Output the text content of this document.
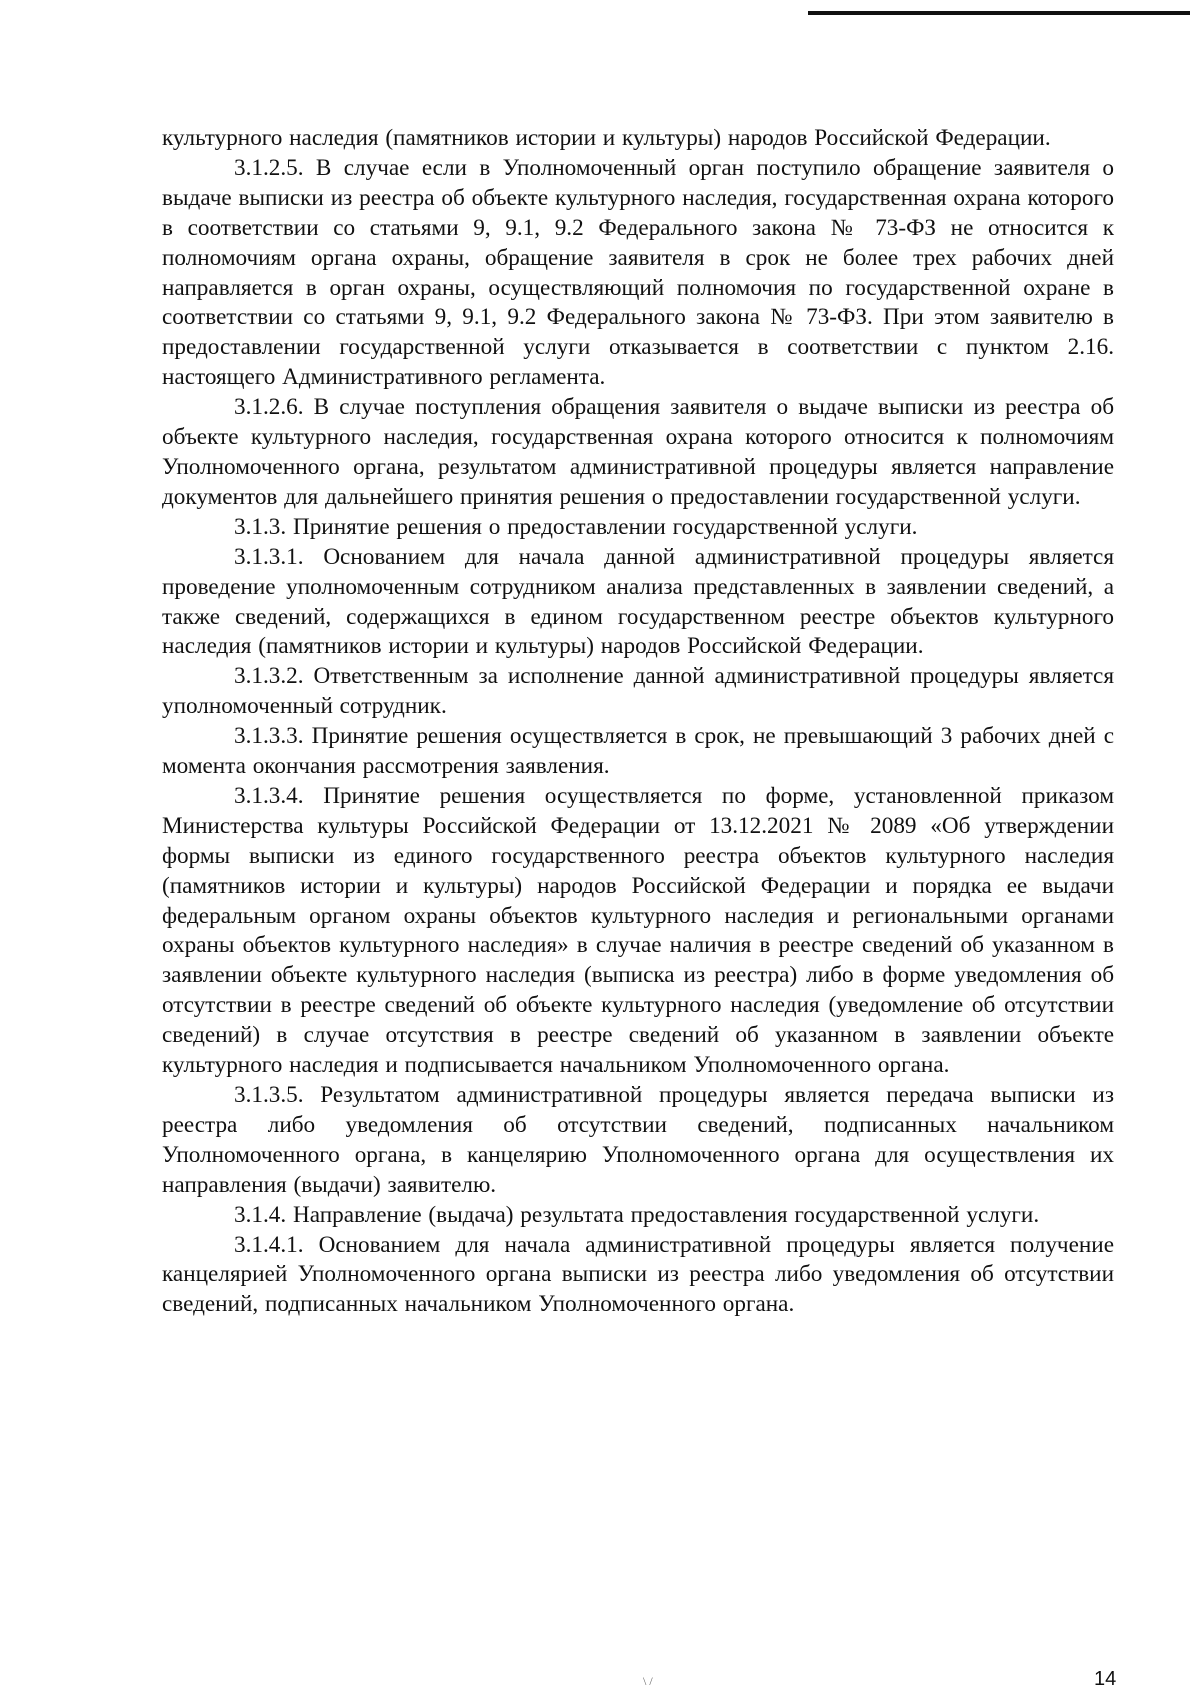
культурного наследия (памятников истории и культуры) народов Российской Федерации.

3.1.2.5. В случае если в Уполномоченный орган поступило обращение заявителя о выдаче выписки из реестра об объекте культурного наследия, государственная охрана которого в соответствии со статьями 9, 9.1, 9.2 Федерального закона № 73-ФЗ не относится к полномочиям органа охраны, обращение заявителя в срок не более трех рабочих дней направляется в орган охраны, осуществляющий полномочия по государственной охране в соответствии со статьями 9, 9.1, 9.2 Федерального закона № 73-ФЗ. При этом заявителю в предоставлении государственной услуги отказывается в соответствии с пунктом 2.16. настоящего Административного регламента.

3.1.2.6. В случае поступления обращения заявителя о выдаче выписки из реестра об объекте культурного наследия, государственная охрана которого относится к полномочиям Уполномоченного органа, результатом административной процедуры является направление документов для дальнейшего принятия решения о предоставлении государственной услуги.

3.1.3. Принятие решения о предоставлении государственной услуги.

3.1.3.1. Основанием для начала данной административной процедуры является проведение уполномоченным сотрудником анализа представленных в заявлении сведений, а также сведений, содержащихся в едином государственном реестре объектов культурного наследия (памятников истории и культуры) народов Российской Федерации.

3.1.3.2. Ответственным за исполнение данной административной процедуры является уполномоченный сотрудник.

3.1.3.3. Принятие решения осуществляется в срок, не превышающий 3 рабочих дней с момента окончания рассмотрения заявления.

3.1.3.4. Принятие решения осуществляется по форме, установленной приказом Министерства культуры Российской Федерации от 13.12.2021 № 2089 «Об утверждении формы выписки из единого государственного реестра объектов культурного наследия (памятников истории и культуры) народов Российской Федерации и порядка ее выдачи федеральным органом охраны объектов культурного наследия и региональными органами охраны объектов культурного наследия» в случае наличия в реестре сведений об указанном в заявлении объекте культурного наследия (выписка из реестра) либо в форме уведомления об отсутствии в реестре сведений об объекте культурного наследия (уведомление об отсутствии сведений) в случае отсутствия в реестре сведений об указанном в заявлении объекте культурного наследия и подписывается начальником Уполномоченного органа.

3.1.3.5. Результатом административной процедуры является передача выписки из реестра либо уведомления об отсутствии сведений, подписанных начальником Уполномоченного органа, в канцелярию Уполномоченного органа для осуществления их направления (выдачи) заявителю.

3.1.4. Направление (выдача) результата предоставления государственной услуги.

3.1.4.1. Основанием для начала административной процедуры является получение канцелярией Уполномоченного органа выписки из реестра либо уведомления об отсутствии сведений, подписанных начальником Уполномоченного органа.

\ /	14
